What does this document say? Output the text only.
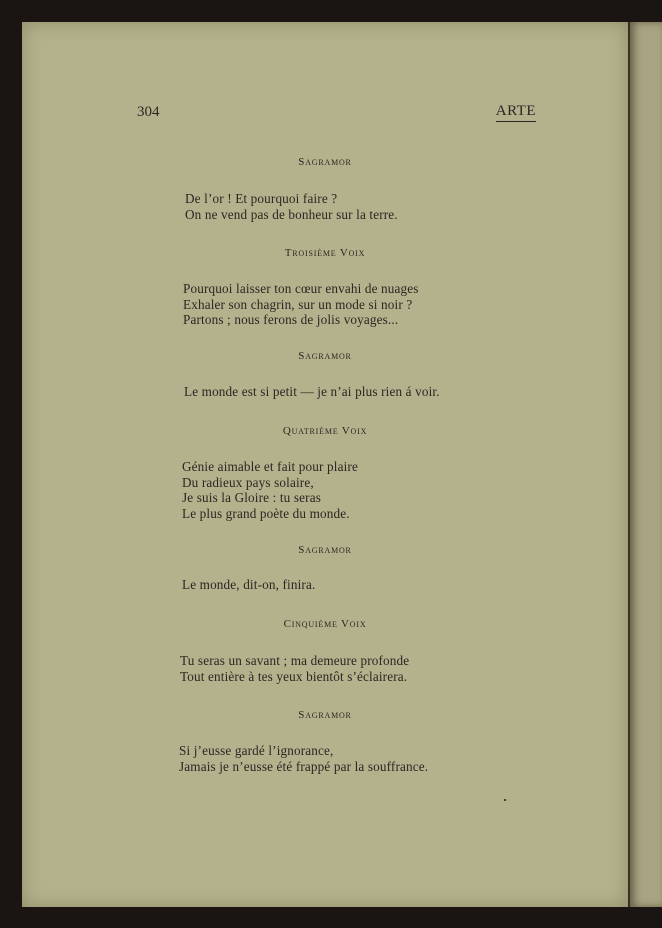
304	ARTE
Sagramor
De l’or ! Et pourquoi faire ?
On ne vend pas de bonheur sur la terre.
Troisième Voix
Pourquoi laisser ton cœur envahi de nuages
Exhaler son chagrin, sur un mode si noir ?
Partons ; nous ferons de jolis voyages...
Sagramor
Le monde est si petit — je n’ai plus rien á voir.
Quatrième Voix
Génie aimable et fait pour plaire
Du radieux pays solaire,
Je suis la Gloire : tu seras
Le plus grand poète du monde.
Sagramor
Le monde, dit-on, finira.
Cinquième Voix
Tu seras un savant ; ma demeure profonde
Tout entière à tes yeux bientôt s’éclairera.
Sagramor
Si j’eusse gardé l’ignorance,
Jamais je n’eusse été frappé par la souffrance.
